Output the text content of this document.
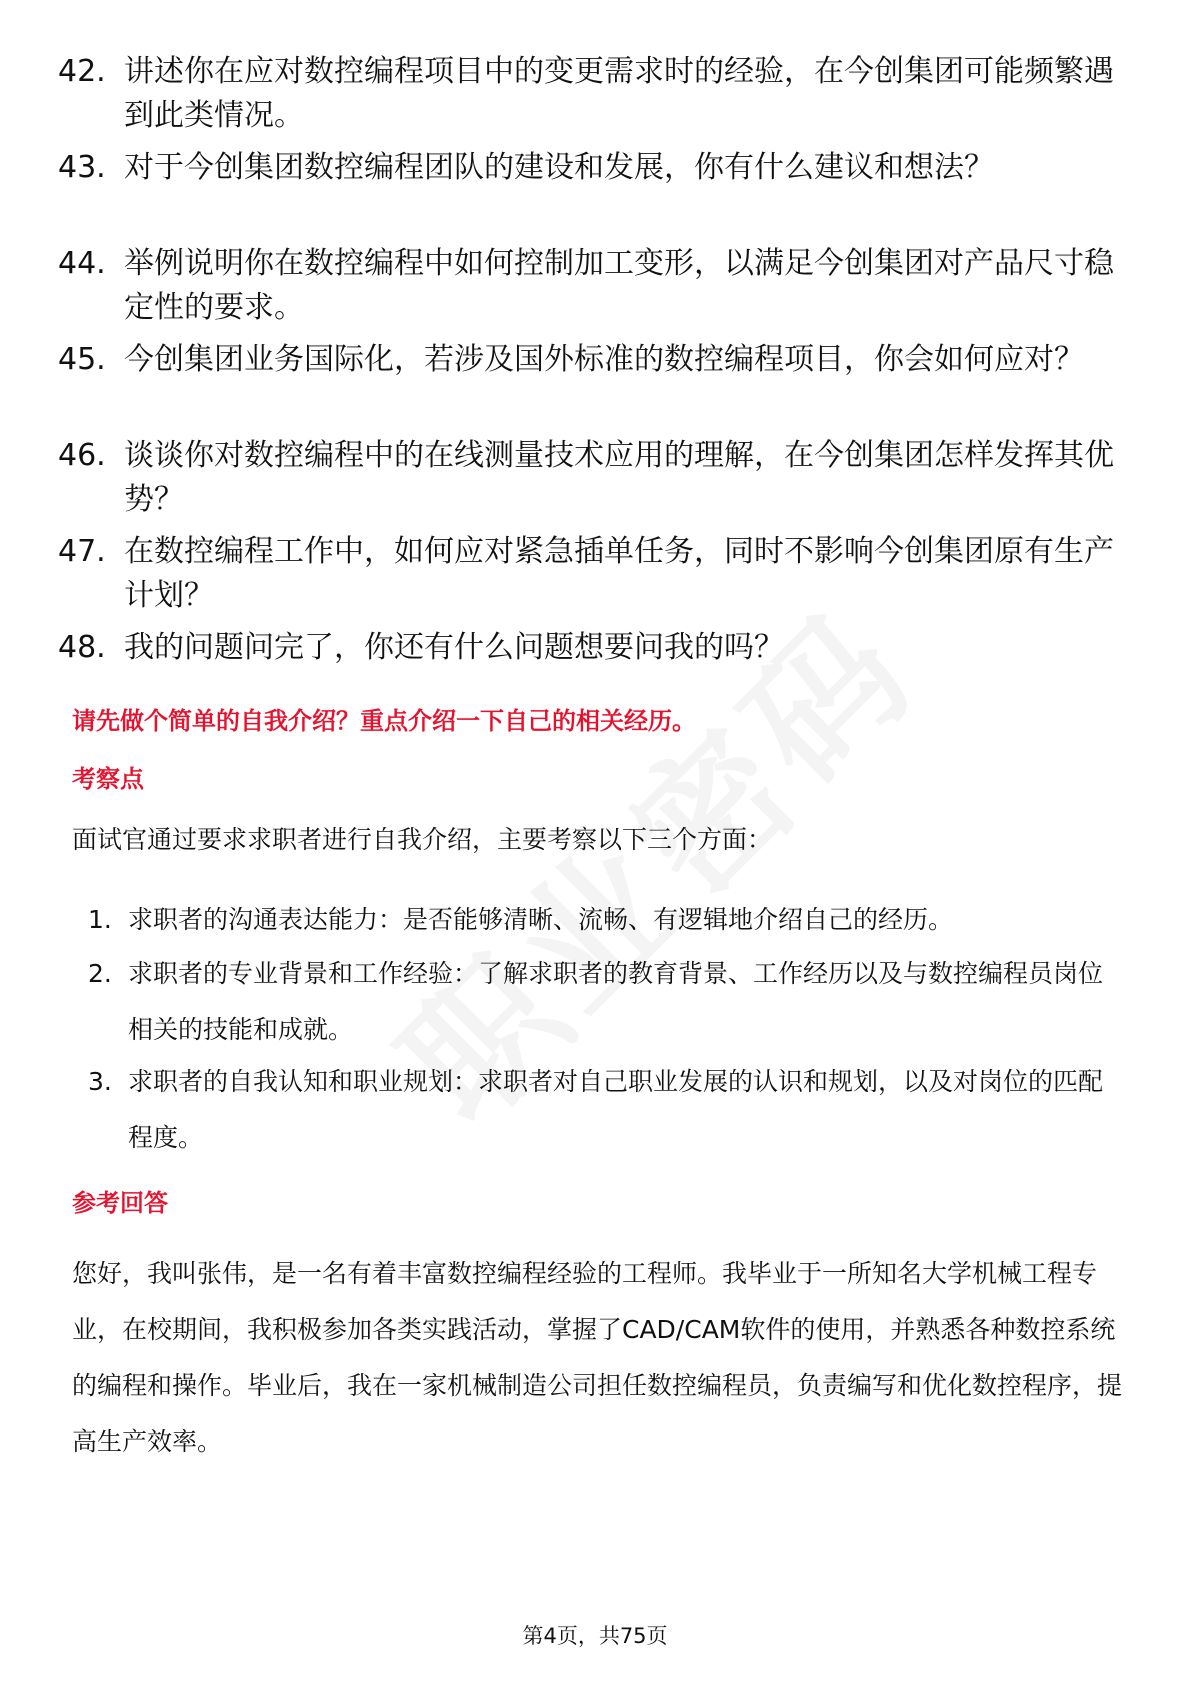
42. 讲述你在应对数控编程项目中的变更需求时的经验，在今创集团可能频繁遇到此类情况。
43. 对于今创集团数控编程团队的建设和发展，你有什么建议和想法？
44. 举例说明你在数控编程中如何控制加工变形，以满足今创集团对产品尺寸稳定性的要求。
45. 今创集团业务国际化，若涉及国外标准的数控编程项目，你会如何应对？
46. 谈谈你对数控编程中的在线测量技术应用的理解，在今创集团怎样发挥其优势？
47. 在数控编程工作中，如何应对紧急插单任务，同时不影响今创集团原有生产计划？
48. 我的问题问完了，你还有什么问题想要问我的吗？
请先做个简单的自我介绍？重点介绍一下自己的相关经历。
考察点
面试官通过要求求职者进行自我介绍，主要考察以下三个方面：
1. 求职者的沟通表达能力：是否能够清晰、流畅、有逻辑地介绍自己的经历。
2. 求职者的专业背景和工作经验：了解求职者的教育背景、工作经历以及与数控编程员岗位相关的技能和成就。
3. 求职者的自我认知和职业规划：求职者对自己职业发展的认识和规划，以及对岗位的匹配程度。
参考回答
您好，我叫张伟，是一名有着丰富数控编程经验的工程师。我毕业于一所知名大学机械工程专业，在校期间，我积极参加各类实践活动，掌握了CAD/CAM软件的使用，并熟悉各种数控系统的编程和操作。毕业后，我在一家机械制造公司担任数控编程员，负责编写和优化数控程序，提高生产效率。
第4页，共75页
